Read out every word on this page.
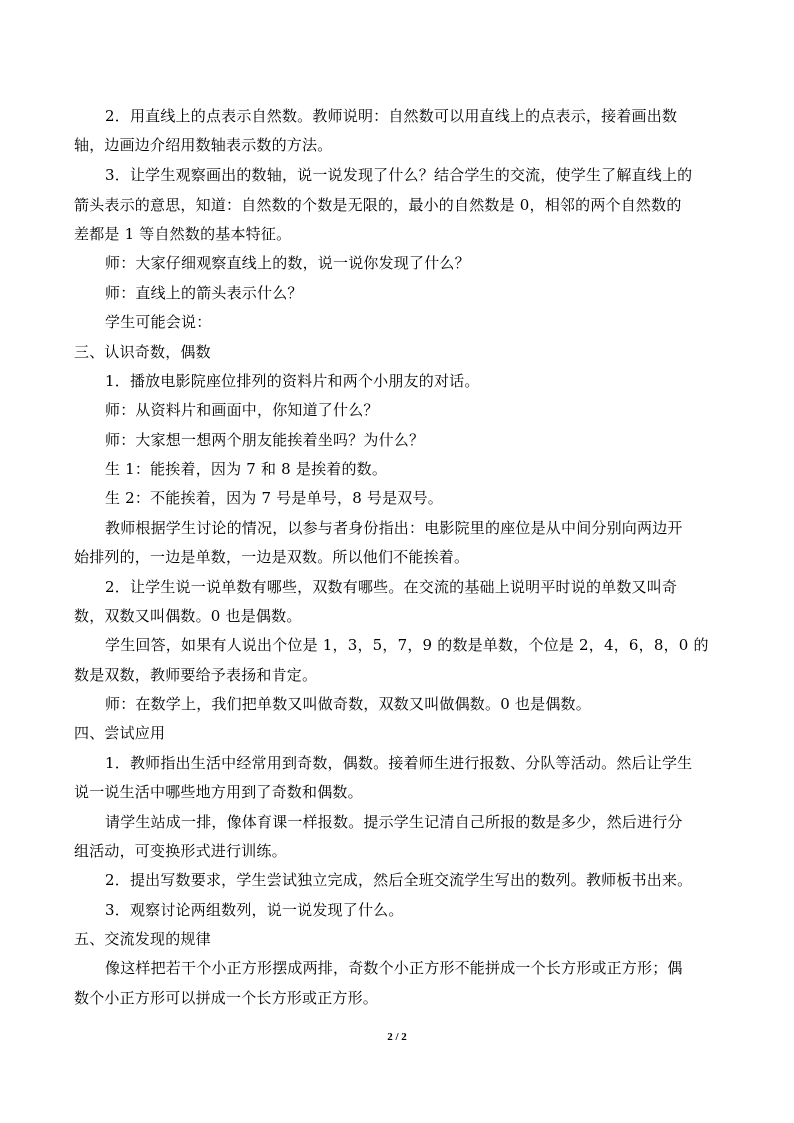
2．用直线上的点表示自然数。教师说明：自然数可以用直线上的点表示，接着画出数
轴，边画边介绍用数轴表示数的方法。
3．让学生观察画出的数轴，说一说发现了什么？结合学生的交流，使学生了解直线上的
箭头表示的意思，知道：自然数的个数是无限的，最小的自然数是 0，相邻的两个自然数的
差都是 1 等自然数的基本特征。
师：大家仔细观察直线上的数，说一说你发现了什么？
师：直线上的箭头表示什么？
学生可能会说：
三、认识奇数，偶数
1．播放电影院座位排列的资料片和两个小朋友的对话。
师：从资料片和画面中，你知道了什么？
师：大家想一想两个朋友能挨着坐吗？为什么？
生 1：能挨着，因为 7 和 8 是挨着的数。
生 2：不能挨着，因为 7 号是单号，8 号是双号。
教师根据学生讨论的情况，以参与者身份指出：电影院里的座位是从中间分别向两边开
始排列的，一边是单数，一边是双数。所以他们不能挨着。
2．让学生说一说单数有哪些，双数有哪些。在交流的基础上说明平时说的单数又叫奇
数，双数又叫偶数。0 也是偶数。
学生回答，如果有人说出个位是 1，3，5，7，9 的数是单数，个位是 2，4，6，8，0 的
数是双数，教师要给予表扬和肯定。
师：在数学上，我们把单数又叫做奇数，双数又叫做偶数。0 也是偶数。
四、尝试应用
1．教师指出生活中经常用到奇数，偶数。接着师生进行报数、分队等活动。然后让学生
说一说生活中哪些地方用到了奇数和偶数。
请学生站成一排，像体育课一样报数。提示学生记清自己所报的数是多少，然后进行分
组活动，可变换形式进行训练。
2．提出写数要求，学生尝试独立完成，然后全班交流学生写出的数列。教师板书出来。
3．观察讨论两组数列，说一说发现了什么。
五、交流发现的规律
像这样把若干个小正方形摆成两排，奇数个小正方形不能拼成一个长方形或正方形；偶
数个小正方形可以拼成一个长方形或正方形。
2 / 2
